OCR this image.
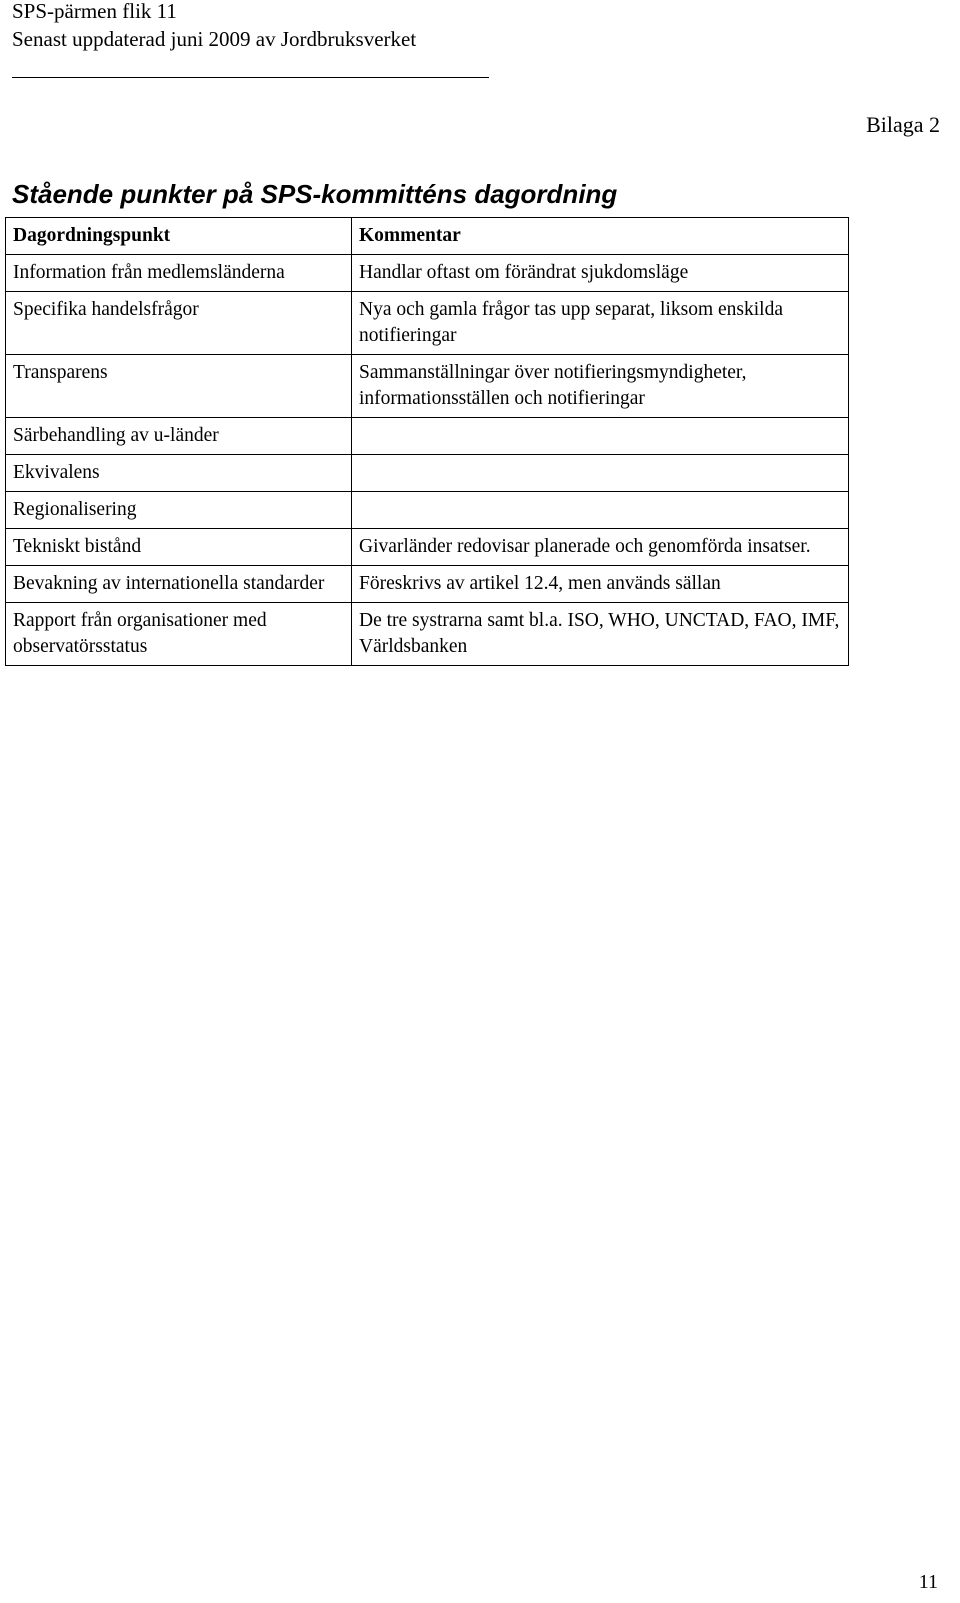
SPS-pärmen flik 11
Senast uppdaterad juni 2009 av Jordbruksverket
Bilaga 2
Stående punkter på SPS-kommitténs dagordning
Dagordningspunkt	Kommentar
Information från medlemsländerna	Handlar oftast om förändrat sjukdomsläge
Specifika handelsfrågor	Nya och gamla frågor tas upp separat, liksom enskilda notifieringar
Transparens	Sammanställningar över notifieringsmyndigheter, informationsställen och notifieringar
Särbehandling av u-länder	
Ekvivalens	
Regionalisering	
Tekniskt bistånd	Givarländer redovisar planerade och genomförda insatser.
Bevakning av internationella standarder	Föreskrivs av artikel 12.4, men används sällan
Rapport från organisationer med observatörsstatus	De tre systrarna samt bl.a. ISO, WHO, UNCTAD, FAO, IMF, Världsbanken
11
